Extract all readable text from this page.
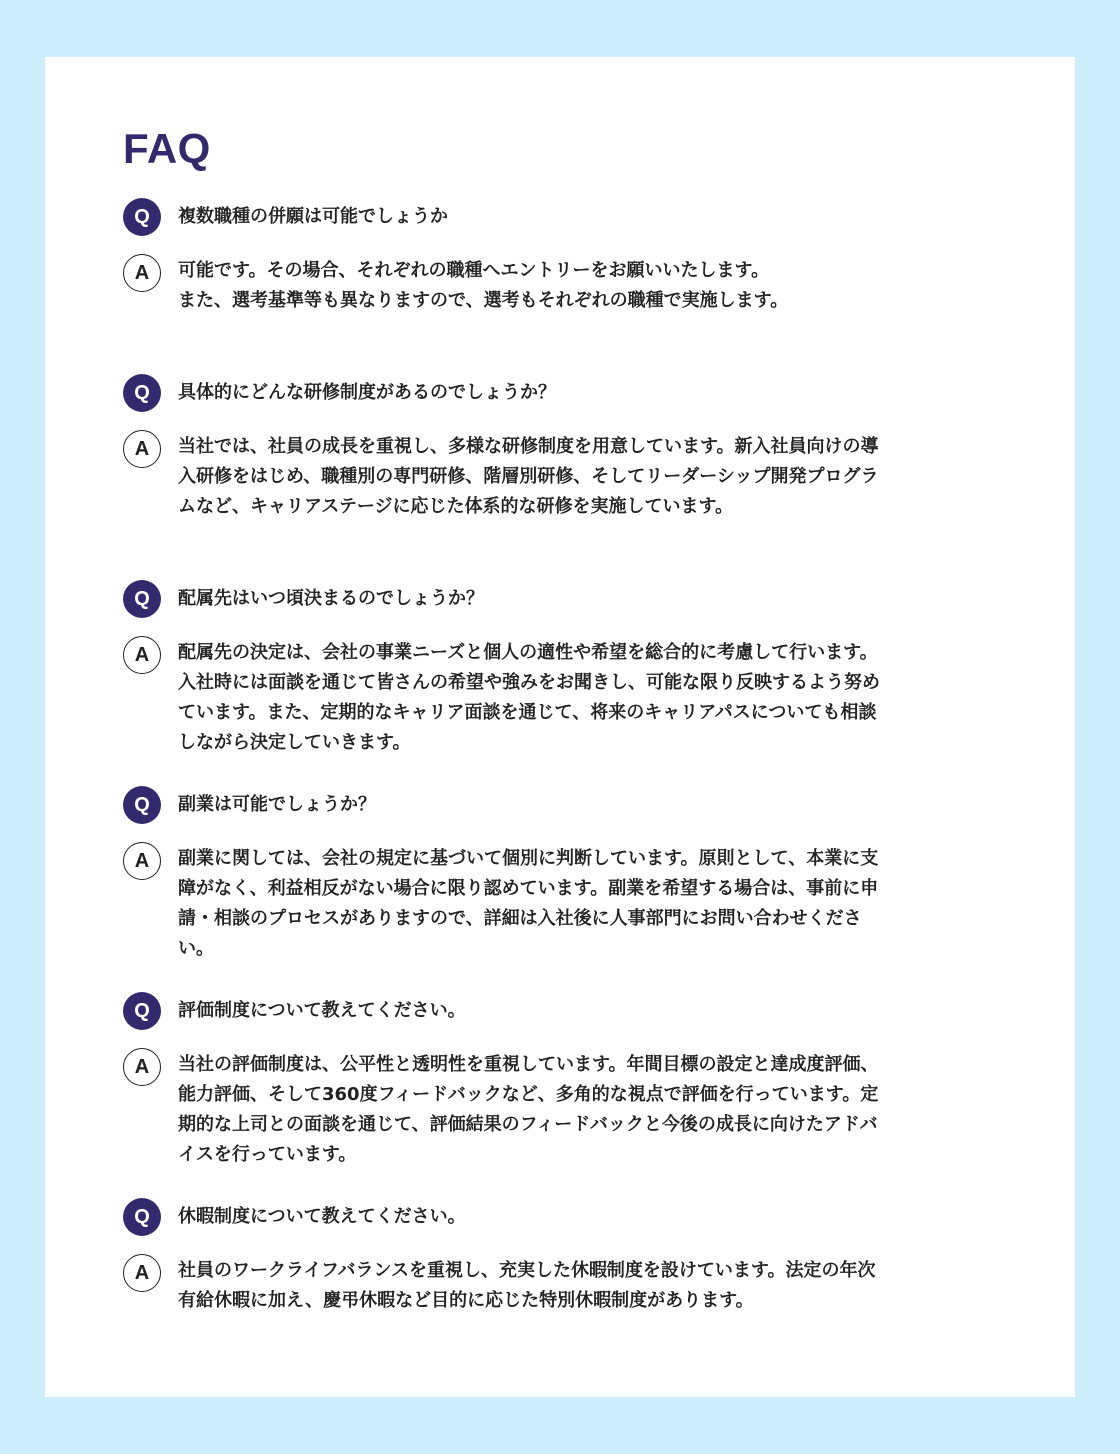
FAQ
Q	複数職種の併願は可能でしょうか

A	可能です。その場合、それぞれの職種へエントリーをお願いいたします。
また、選考基準等も異なりますので、選考もそれぞれの職種で実施します。

Q	具体的にどんな研修制度があるのでしょうか？

A	当社では、社員の成長を重視し、多様な研修制度を用意しています。新入社員向けの導
入研修をはじめ、職種別の専門研修、階層別研修、そしてリーダーシップ開発プログラ
ムなど、キャリアステージに応じた体系的な研修を実施しています。

Q	配属先はいつ頃決まるのでしょうか？

A	配属先の決定は、会社の事業ニーズと個人の適性や希望を総合的に考慮して行います。
入社時には面談を通じて皆さんの希望や強みをお聞きし、可能な限り反映するよう努め
ています。また、定期的なキャリア面談を通じて、将来のキャリアパスについても相談
しながら決定していきます。

Q	副業は可能でしょうか？

A	副業に関しては、会社の規定に基づいて個別に判断しています。原則として、本業に支
障がなく、利益相反がない場合に限り認めています。副業を希望する場合は、事前に申
請・相談のプロセスがありますので、詳細は入社後に人事部門にお問い合わせくださ
い。

Q	評価制度について教えてください。

A	当社の評価制度は、公平性と透明性を重視しています。年間目標の設定と達成度評価、
能力評価、そして360度フィードバックなど、多角的な視点で評価を行っています。定
期的な上司との面談を通じて、評価結果のフィードバックと今後の成長に向けたアドバ
イスを行っています。

Q	休暇制度について教えてください。

A	社員のワークライフバランスを重視し、充実した休暇制度を設けています。法定の年次
有給休暇に加え、慶弔休暇など目的に応じた特別休暇制度があります。
